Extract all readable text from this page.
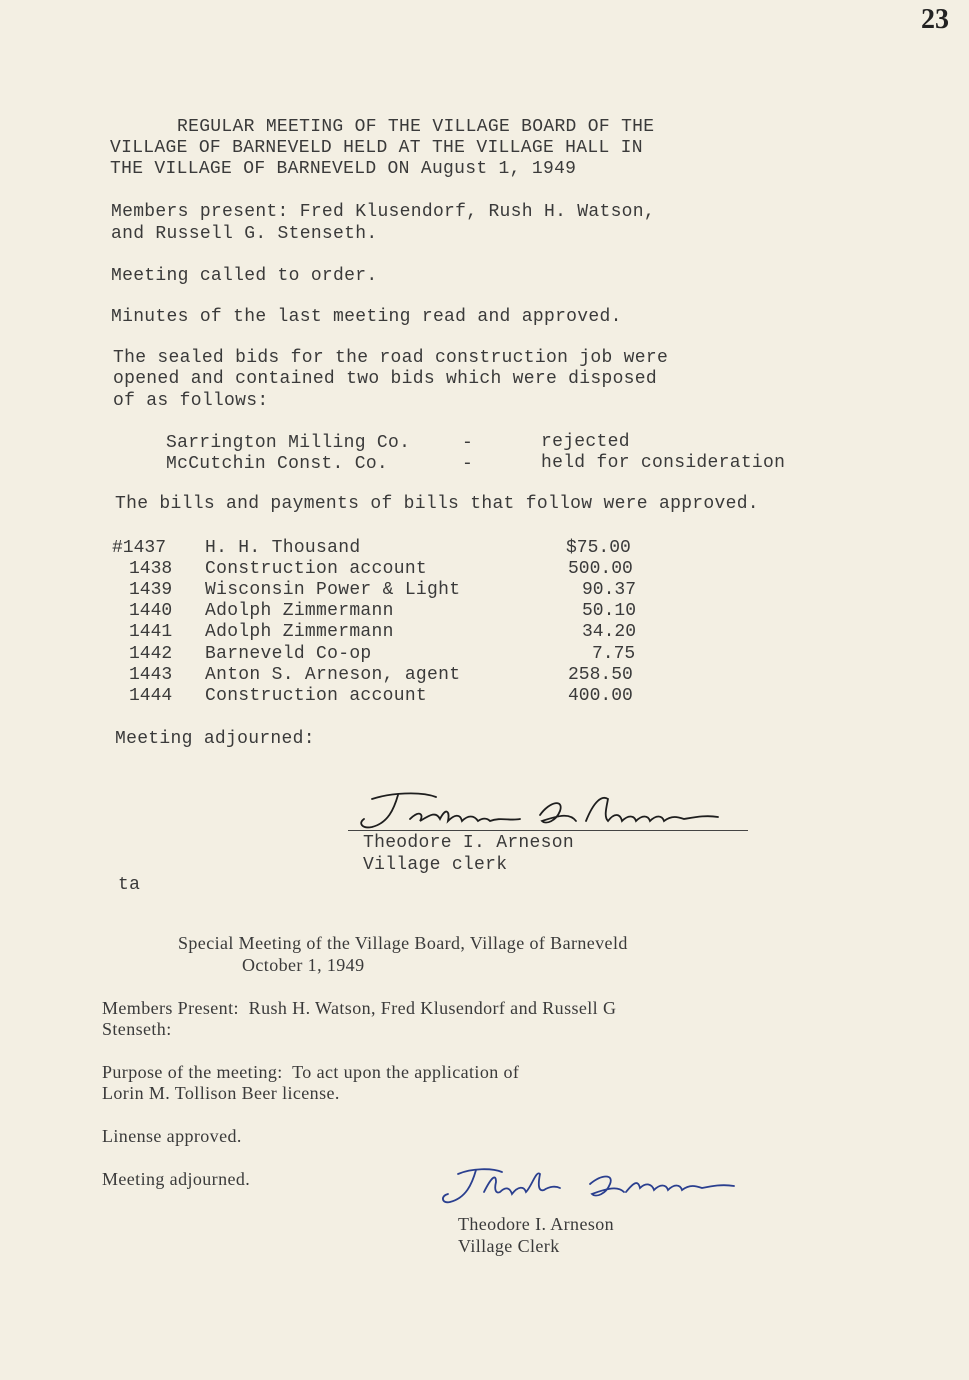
23
REGULAR MEETING OF THE VILLAGE BOARD OF THE
VILLAGE OF BARNEVELD HELD AT THE VILLAGE HALL IN
THE VILLAGE OF BARNEVELD ON August 1, 1949
Members present: Fred Klusendorf, Rush H. Watson,
and Russell G. Stenseth.
Meeting called to order.
Minutes of the last meeting read and approved.
The sealed bids for the road construction job were
opened and contained two bids which were disposed
of as follows:
Sarrington Milling Co.	-	rejected
McCutchin Const. Co.	-	held for consideration
The bills and payments of bills that follow were approved.
#1437 H. H. Thousand	$75.00
1438 Construction account	500.00
1439 Wisconsin Power & Light	90.37
1440 Adolph Zimmermann	50.10
1441 Adolph Zimmermann	34.20
1442 Barneveld Co-op	7.75
1443 Anton S. Arneson, agent	258.50
1444 Construction account	400.00
Meeting adjourned:
Theodore I. Arneson
Village clerk
ta
Special Meeting of the Village Board, Village of Barneveld
October 1, 1949
Members Present:  Rush H. Watson, Fred Klusendorf and Russell G
Stenseth:
Purpose of the meeting:  To act upon the application of
Lorin M. Tollison Beer license.
Linense approved.
Meeting adjourned.
Theodore I. Arneson
Village Clerk
